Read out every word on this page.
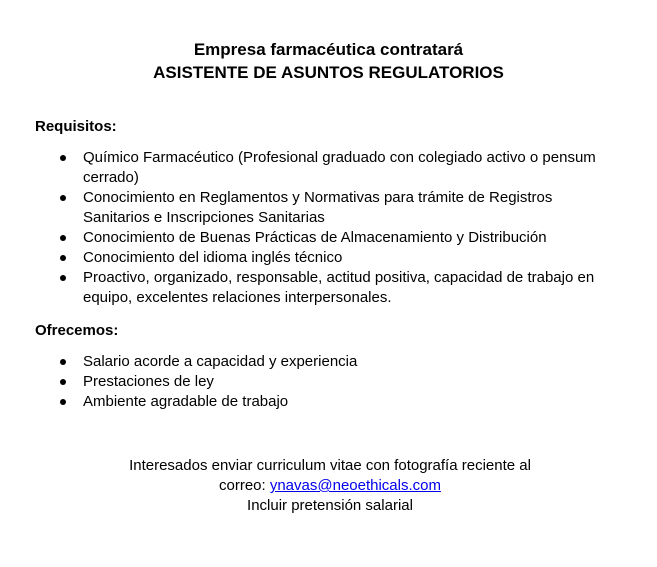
Empresa farmacéutica contratará
ASISTENTE DE ASUNTOS REGULATORIOS
Requisitos:
Químico Farmacéutico (Profesional graduado con colegiado activo o pensum cerrado)
Conocimiento en Reglamentos y Normativas para trámite de Registros Sanitarios e Inscripciones Sanitarias
Conocimiento de Buenas Prácticas de Almacenamiento y Distribución
Conocimiento del idioma inglés técnico
Proactivo, organizado, responsable, actitud positiva, capacidad de trabajo en equipo, excelentes relaciones interpersonales.
Ofrecemos:
Salario acorde a capacidad y experiencia
Prestaciones de ley
Ambiente agradable de trabajo
Interesados enviar curriculum vitae con fotografía reciente al
correo: ynavas@neoethicals.com
Incluir pretensión salarial
